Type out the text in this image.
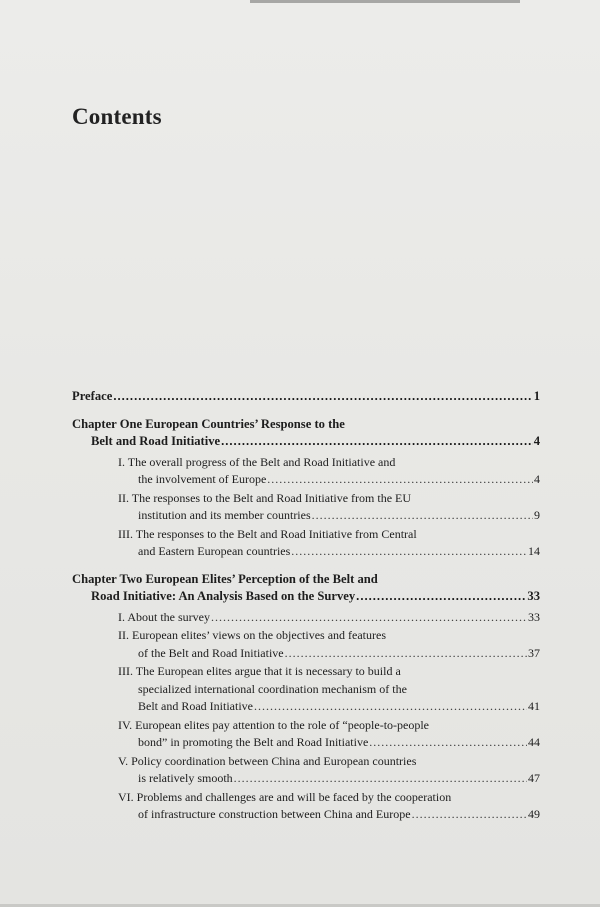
Contents
Preface .....	1
Chapter One European Countries’ Response to the
Belt and Road Initiative .....	4
I. The overall progress of the Belt and Road Initiative and
the involvement of Europe .....	4
II. The responses to the Belt and Road Initiative from the EU
institution and its member countries .....	9
III. The responses to the Belt and Road Initiative from Central
and Eastern European countries .....	14
Chapter Two European Elites’ Perception of the Belt and
Road Initiative: An Analysis Based on the Survey .....	33
I. About the survey .....	33
II. European elites’ views on the objectives and features
of the Belt and Road Initiative .....	37
III. The European elites argue that it is necessary to build a
specialized international coordination mechanism of the
Belt and Road Initiative .....	41
IV. European elites pay attention to the role of “people-to-people
bond” in promoting the Belt and Road Initiative .....	44
V. Policy coordination between China and European countries
is relatively smooth .....	47
VI. Problems and challenges are and will be faced by the cooperation
of infrastructure construction between China and Europe .....	49
